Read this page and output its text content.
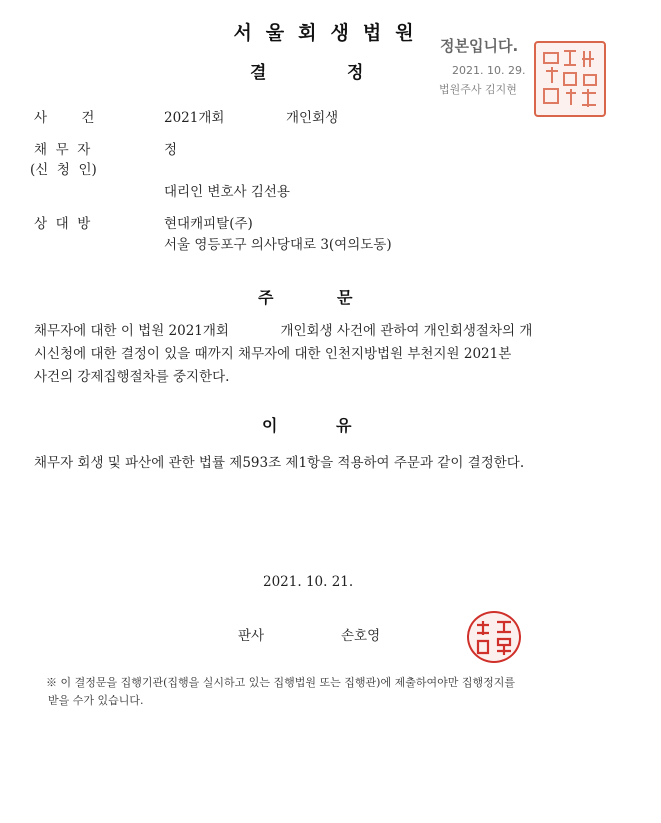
서울회생법원
결	정
정본입니다.
2021. 10. 29.
법원주사 김지현
사        건	2021개회	개인회생
채  무  자	정
(신  청  인)
대리인 변호사 김선용
상  대  방	현대캐피탈(주)
서울 영등포구 의사당대로 3(여의도동)
주	문
채무자에 대한 이 법원 2021개회            개인회생 사건에 관하여 개인회생절차의 개
시신청에 대한 결정이 있을 때까지 채무자에 대한 인천지방법원 부천지원 2021본
사건의 강제집행절차를 중지한다.
이	유
채무자 회생 및 파산에 관한 법률 제593조 제1항을 적용하여 주문과 같이 결정한다.
2021. 10. 21.
판사	손호영
※ 이 결정문을 집행기관(집행을 실시하고 있는 집행법원 또는 집행관)에 제출하여야만 집행정지를
받을 수가 있습니다.
